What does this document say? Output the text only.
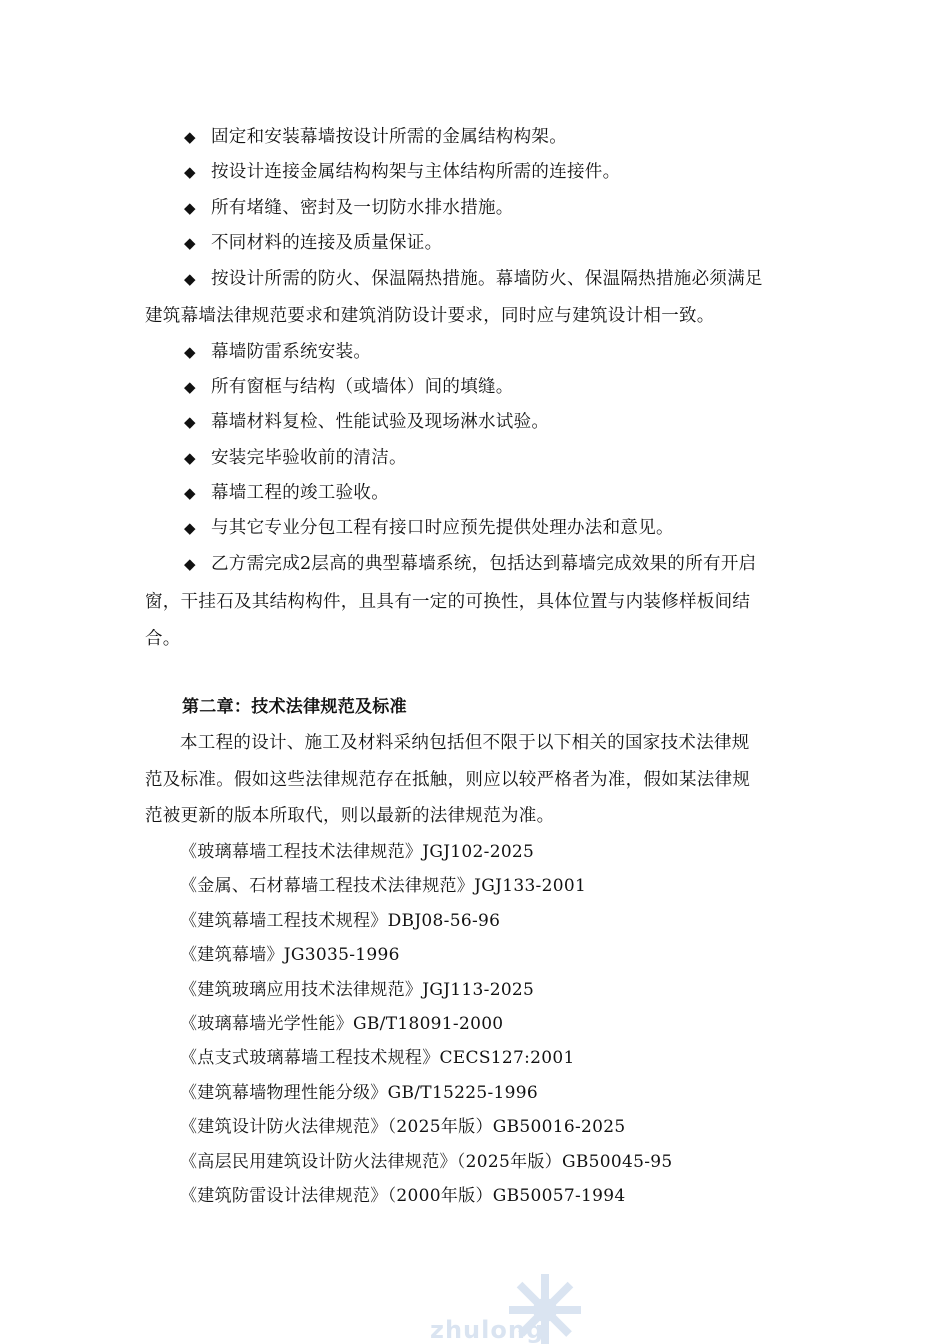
◆ 固定和安装幕墙按设计所需的金属结构构架。
◆ 按设计连接金属结构构架与主体结构所需的连接件。
◆ 所有堵缝、密封及一切防水排水措施。
◆ 不同材料的连接及质量保证。
◆ 按设计所需的防火、保温隔热措施。幕墙防火、保温隔热措施必须满足
建筑幕墙法律规范要求和建筑消防设计要求，同时应与建筑设计相一致。
◆ 幕墙防雷系统安装。
◆ 所有窗框与结构（或墙体）间的填缝。
◆ 幕墙材料复检、性能试验及现场淋水试验。
◆ 安装完毕验收前的清洁。
◆ 幕墙工程的竣工验收。
◆ 与其它专业分包工程有接口时应预先提供处理办法和意见。
◆ 乙方需完成2层高的典型幕墙系统，包括达到幕墙完成效果的所有开启
窗，干挂石及其结构构件，且具有一定的可换性，具体位置与内装修样板间结
合。
第二章：技术法律规范及标准
本工程的设计、施工及材料采纳包括但不限于以下相关的国家技术法律规
范及标准。假如这些法律规范存在抵触，则应以较严格者为准，假如某法律规
范被更新的版本所取代，则以最新的法律规范为准。
《玻璃幕墙工程技术法律规范》JGJ102-2025
《金属、石材幕墙工程技术法律规范》JGJ133-2001
《建筑幕墙工程技术规程》DBJ08-56-96
《建筑幕墙》JG3035-1996
《建筑玻璃应用技术法律规范》JGJ113-2025
《玻璃幕墙光学性能》GB/T18091-2000
《点支式玻璃幕墙工程技术规程》CECS127:2001
《建筑幕墙物理性能分级》GB/T15225-1996
《建筑设计防火法律规范》（2025年版）GB50016-2025
《高层民用建筑设计防火法律规范》（2025年版）GB50045-95
《建筑防雷设计法律规范》（2000年版）GB50057-1994
zhulong
